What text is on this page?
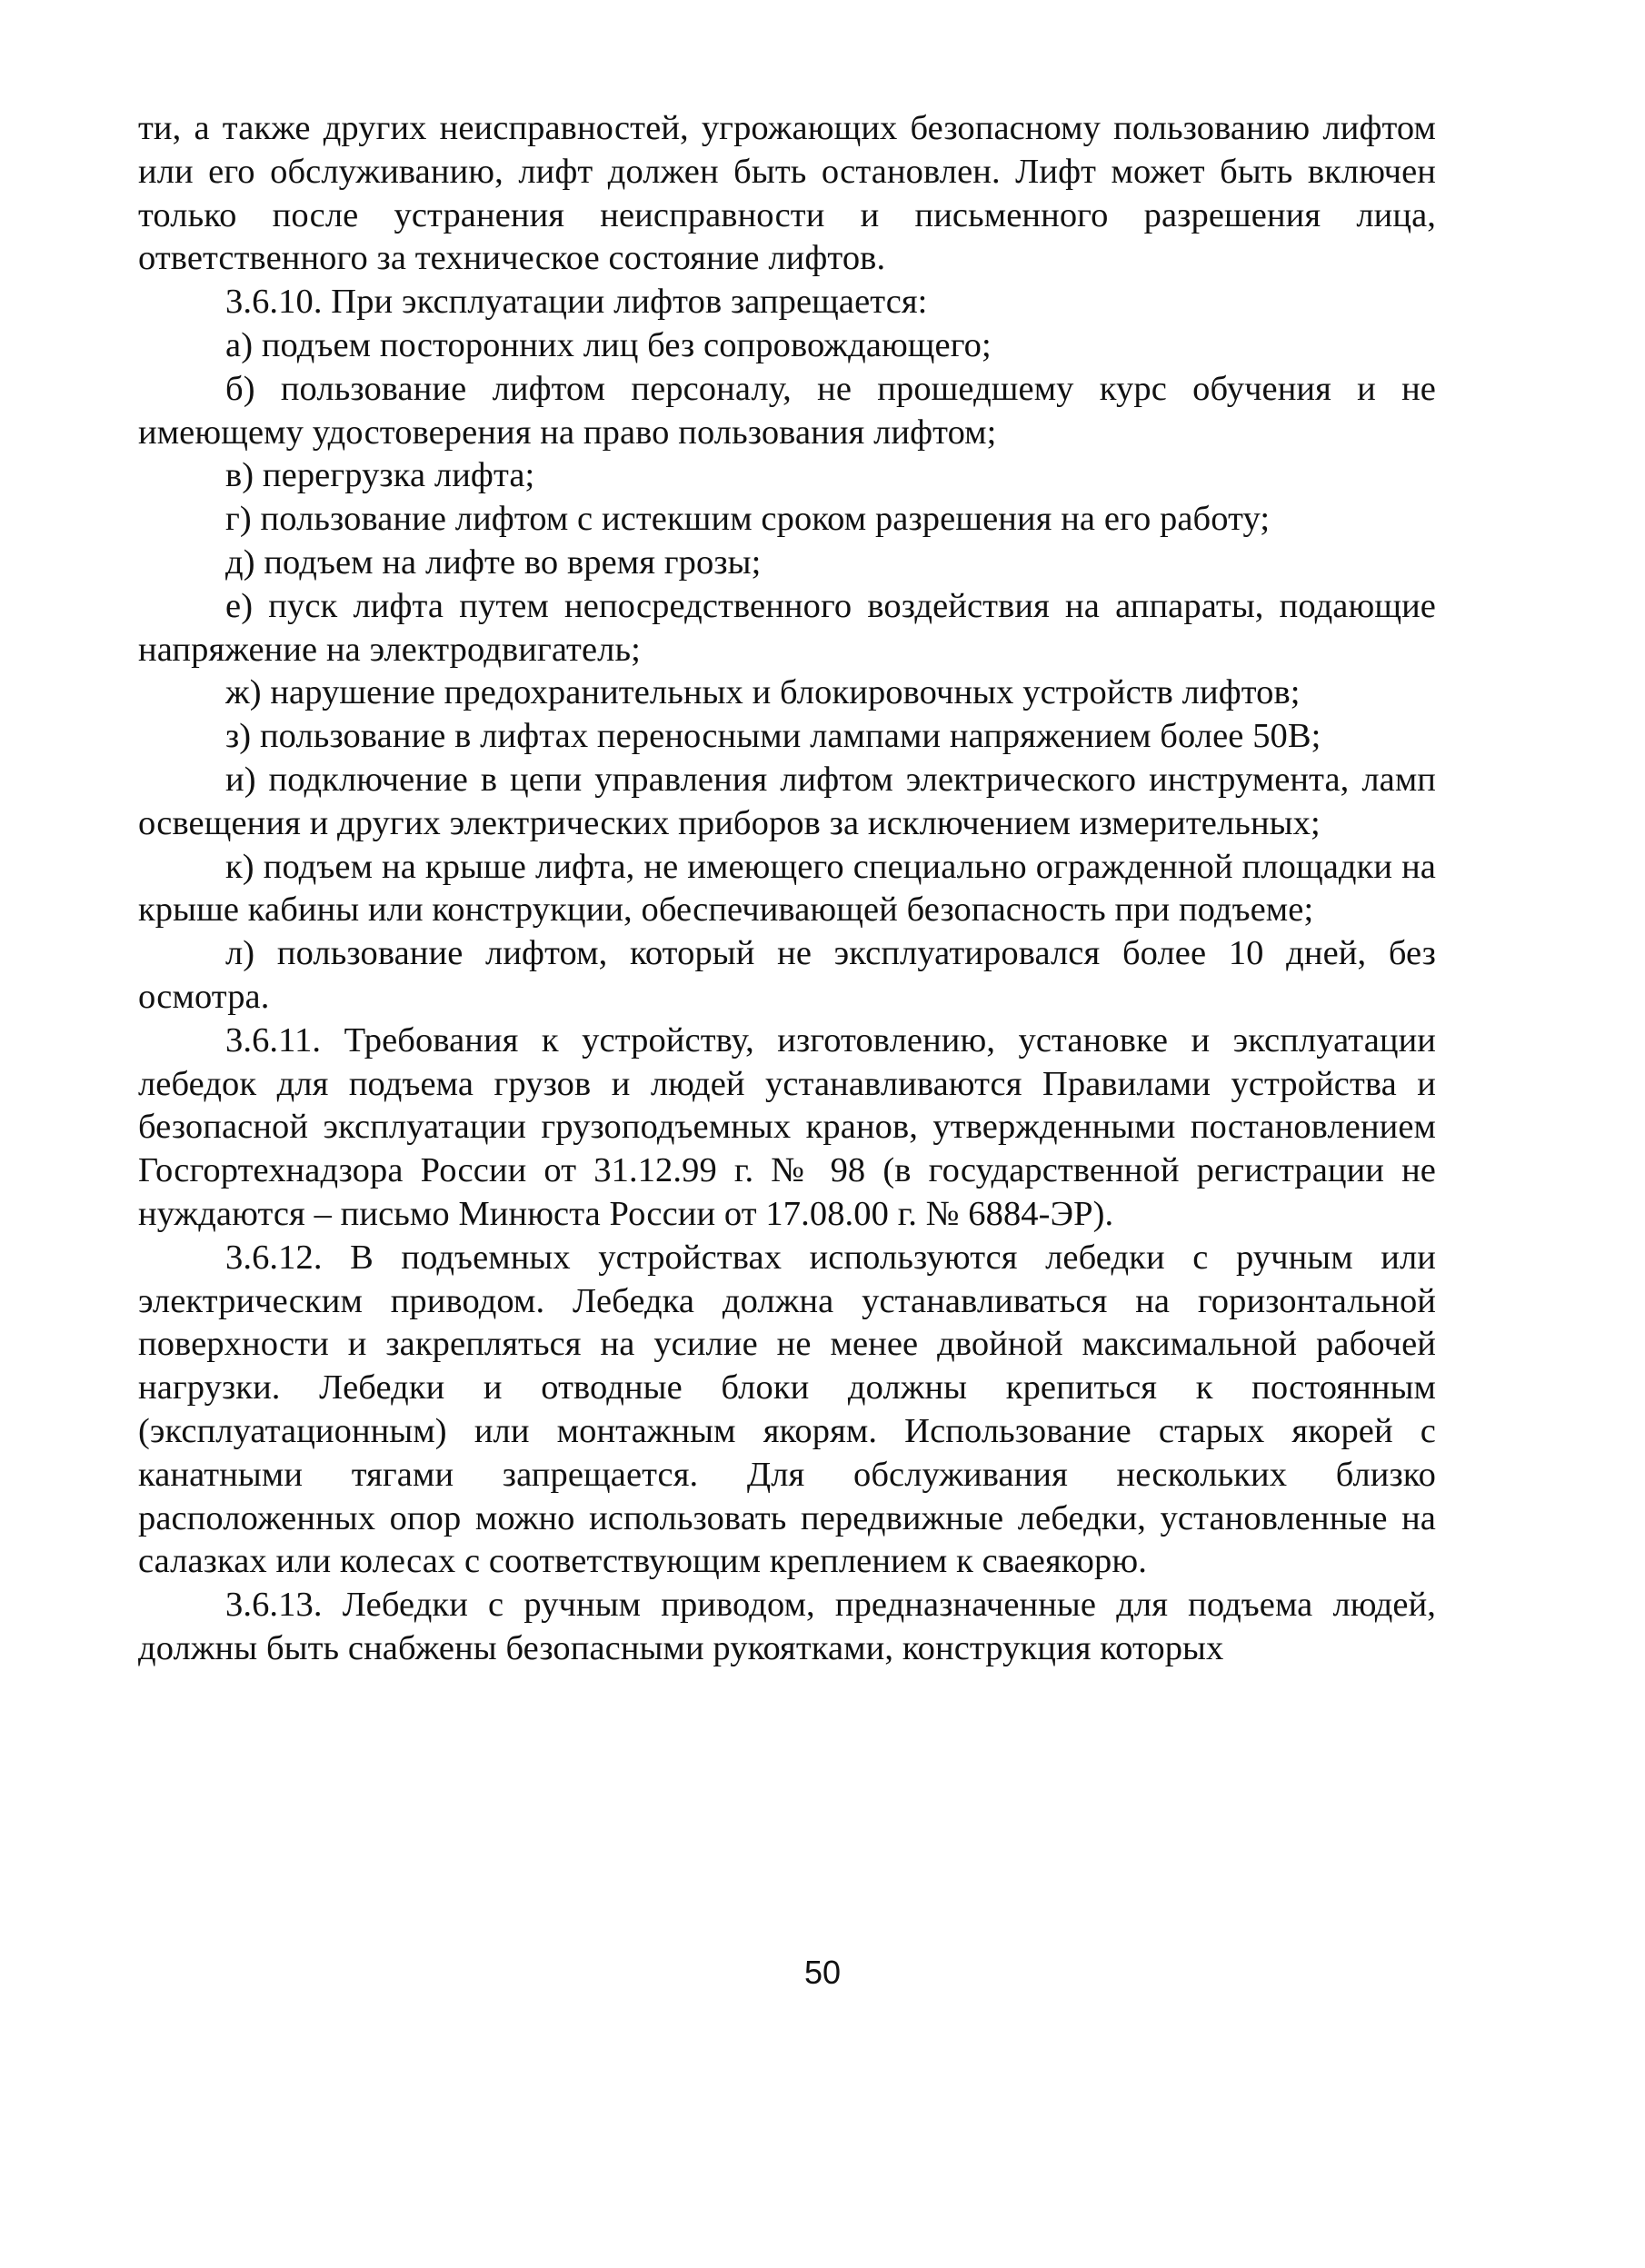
ти, а также других неисправностей, угрожающих безопасному пользованию лифтом или его обслуживанию, лифт должен быть остановлен. Лифт может быть включен только после устранения неисправности и письменного разрешения лица, ответственного за техническое состояние лифтов.

3.6.10. При эксплуатации лифтов запрещается:

а) подъем посторонних лиц без сопровождающего;

б) пользование лифтом персоналу, не прошедшему курс обучения и не имеющему удостоверения на право пользования лифтом;

в) перегрузка лифта;

г) пользование лифтом с истекшим сроком разрешения на его работу;

д) подъем на лифте во время грозы;

е) пуск лифта путем непосредственного воздействия на аппараты, подающие напряжение на электродвигатель;

ж) нарушение предохранительных и блокировочных устройств лифтов;

з) пользование в лифтах переносными лампами напряжением более 50В;

и) подключение в цепи управления лифтом электрического инструмента, ламп освещения и других электрических приборов за исключением измерительных;

к) подъем на крыше лифта, не имеющего специально огражденной площадки на крыше кабины или конструкции, обеспечивающей безопасность при подъеме;

л) пользование лифтом, который не эксплуатировался более 10 дней, без осмотра.

3.6.11. Требования к устройству, изготовлению, установке и эксплуатации лебедок для подъема грузов и людей устанавливаются Правилами устройства и безопасной эксплуатации грузоподъемных кранов, утвержденными постановлением Госгортехнадзора России от 31.12.99 г. № 98 (в государственной регистрации не нуждаются – письмо Минюста России от 17.08.00 г. № 6884-ЭР).

3.6.12. В подъемных устройствах используются лебедки с ручным или электрическим приводом. Лебедка должна устанавливаться на горизонтальной поверхности и закрепляться на усилие не менее двойной максимальной рабочей нагрузки. Лебедки и отводные блоки должны крепиться к постоянным (эксплуатационным) или монтажным якорям. Использование старых якорей с канатными тягами запрещается. Для обслуживания нескольких близко расположенных опор можно использовать передвижные лебедки, установленные на салазках или колесах с соответствующим креплением к сваеякорю.

3.6.13. Лебедки с ручным приводом, предназначенные для подъема людей, должны быть снабжены безопасными рукоятками, конструкция которых

50
